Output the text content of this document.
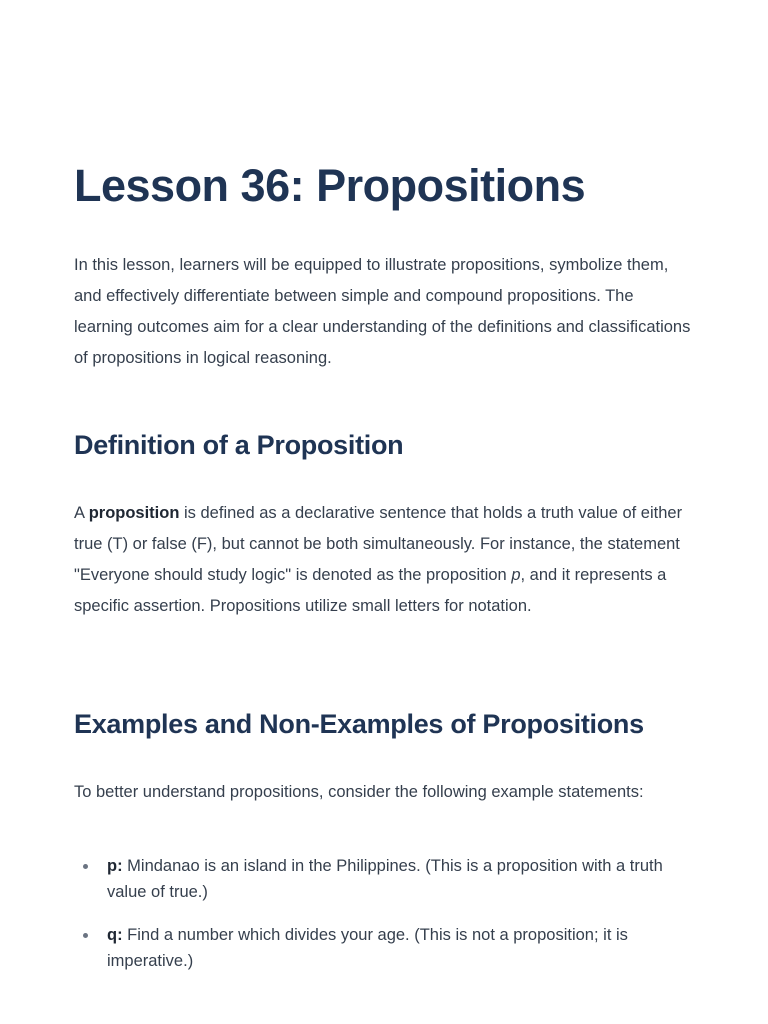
Lesson 36: Propositions

In this lesson, learners will be equipped to illustrate propositions, symbolize them, and effectively differentiate between simple and compound propositions. The learning outcomes aim for a clear understanding of the definitions and classifications of propositions in logical reasoning.

Definition of a Proposition

A proposition is defined as a declarative sentence that holds a truth value of either true (T) or false (F), but cannot be both simultaneously. For instance, the statement "Everyone should study logic" is denoted as the proposition p, and it represents a specific assertion. Propositions utilize small letters for notation.

Examples and Non-Examples of Propositions

To better understand propositions, consider the following example statements:

p: Mindanao is an island in the Philippines. (This is a proposition with a truth value of true.)
q: Find a number which divides your age. (This is not a proposition; it is imperative.)
